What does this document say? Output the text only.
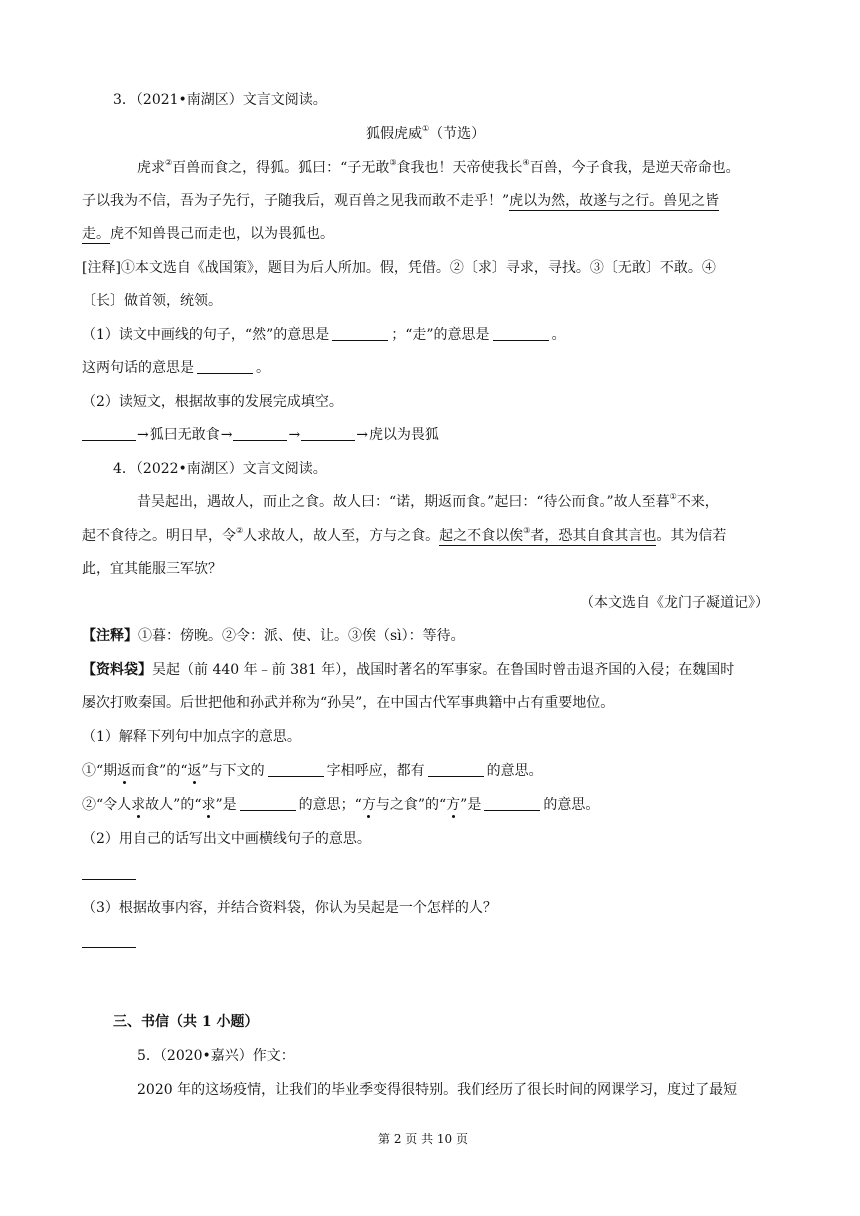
3．（2021•南湖区）文言文阅读。
狐假虎威①（节选）
虎求②百兽而食之，得狐。狐曰：“子无敢③食我也！天帝使我长④百兽，今子食我，是逆天帝命也。
子以我为不信，吾为子先行，子随我后，观百兽之见我而敢不走乎！”虎以为然，故遂与之行。兽见之皆
走。虎不知兽畏己而走也，以为畏狐也。
[注释]①本文选自《战国策》，题目为后人所加。假，凭借。②〔求〕寻求，寻找。③〔无敢〕不敢。④
〔长〕做首领，统领。
（1）读文中画线的句子，“然”的意思是	；“走”的意思是	。
这两句话的意思是	。
（2）读短文，根据故事的发展完成填空。
→狐曰无敢食→	→	→虎以为畏狐
4．（2022•南湖区）文言文阅读。
昔吴起出，遇故人，而止之食。故人曰：“诺，期返而食。”起曰：“待公而食。”故人至暮①不来，
起不食待之。明日早，令②人求故人，故人至，方与之食。起之不食以俟③者，恐其自食其言也。其为信若
此，宜其能服三军欤？
（本文选自《龙门子凝道记》）
【注释】①暮：傍晚。②令：派、使、让。③俟（sì）：等待。
【资料袋】吴起（前 440 年﹣前 381 年），战国时著名的军事家。在鲁国时曾击退齐国的入侵；在魏国时
屡次打败秦国。后世把他和孙武并称为“孙吴”，在中国古代军事典籍中占有重要地位。
（1）解释下列句中加点字的意思。
①“期返而食”的“返”与下文的	字相呼应，都有	的意思。
②“令人求故人”的“求”是	的意思；“方与之食”的“方”是	的意思。
（2）用自己的话写出文中画横线句子的意思。
（3）根据故事内容，并结合资料袋，你认为吴起是一个怎样的人？
三、书信（共 1 小题）
5．（2020•嘉兴）作文：
2020 年的这场疫情，让我们的毕业季变得很特别。我们经历了很长时间的网课学习，度过了最短
第 2 页 共 10 页
